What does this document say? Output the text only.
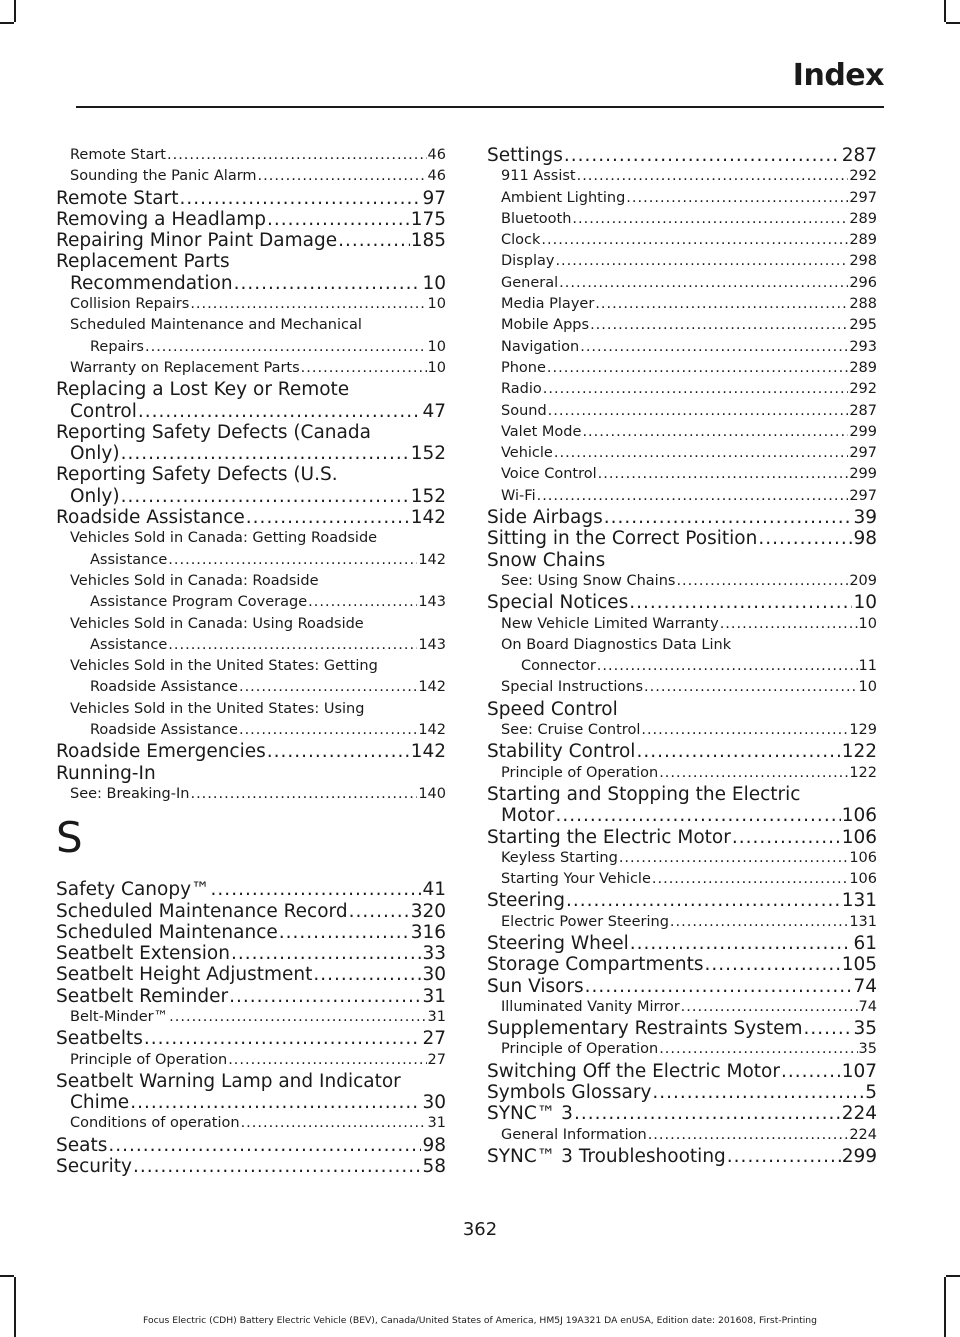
Index
Remote Start .....	46
Sounding the Panic Alarm .....	46
Remote Start .....	97
Removing a Headlamp .....	175
Repairing Minor Paint Damage .....	185
Replacement Parts
Recommendation .....	10
Collision Repairs .....	10
Scheduled Maintenance and Mechanical
Repairs .....	10
Warranty on Replacement Parts .....	10
Replacing a Lost Key or Remote
Control .....	47
Reporting Safety Defects (Canada
Only) .....	152
Reporting Safety Defects (U.S.
Only) .....	152
Roadside Assistance .....	142
Vehicles Sold in Canada: Getting Roadside
Assistance .....	142
Vehicles Sold in Canada: Roadside
Assistance Program Coverage .....	143
Vehicles Sold in Canada: Using Roadside
Assistance .....	143
Vehicles Sold in the United States: Getting
Roadside Assistance .....	142
Vehicles Sold in the United States: Using
Roadside Assistance .....	142
Roadside Emergencies .....	142
Running-In
See: Breaking-In .....	140
S
Safety Canopy™ .....	41
Scheduled Maintenance Record .....	320
Scheduled Maintenance .....	316
Seatbelt Extension .....	33
Seatbelt Height Adjustment .....	30
Seatbelt Reminder .....	31
Belt-Minder™ .....	31
Seatbelts .....	27
Principle of Operation .....	27
Seatbelt Warning Lamp and Indicator
Chime .....	30
Conditions of operation .....	31
Seats .....	98
Security .....	58
Settings .....	287
911 Assist .....	292
Ambient Lighting .....	297
Bluetooth .....	289
Clock .....	289
Display .....	298
General .....	296
Media Player .....	288
Mobile Apps .....	295
Navigation .....	293
Phone .....	289
Radio .....	292
Sound .....	287
Valet Mode .....	299
Vehicle .....	297
Voice Control .....	299
Wi-Fi .....	297
Side Airbags .....	39
Sitting in the Correct Position .....	98
Snow Chains
See: Using Snow Chains .....	209
Special Notices .....	10
New Vehicle Limited Warranty .....	10
On Board Diagnostics Data Link
Connector .....	11
Special Instructions .....	10
Speed Control
See: Cruise Control .....	129
Stability Control .....	122
Principle of Operation .....	122
Starting and Stopping the Electric
Motor .....	106
Starting the Electric Motor .....	106
Keyless Starting .....	106
Starting Your Vehicle .....	106
Steering .....	131
Electric Power Steering .....	131
Steering Wheel .....	61
Storage Compartments .....	105
Sun Visors .....	74
Illuminated Vanity Mirror .....	74
Supplementary Restraints System .....	35
Principle of Operation .....	35
Switching Off the Electric Motor .....	107
Symbols Glossary .....	5
SYNC™ 3 .....	224
General Information .....	224
SYNC™ 3 Troubleshooting .....	299
362
Focus Electric (CDH) Battery Electric Vehicle (BEV), Canada/United States of America, HM5J 19A321 DA enUSA, Edition date: 201608, First-Printing
